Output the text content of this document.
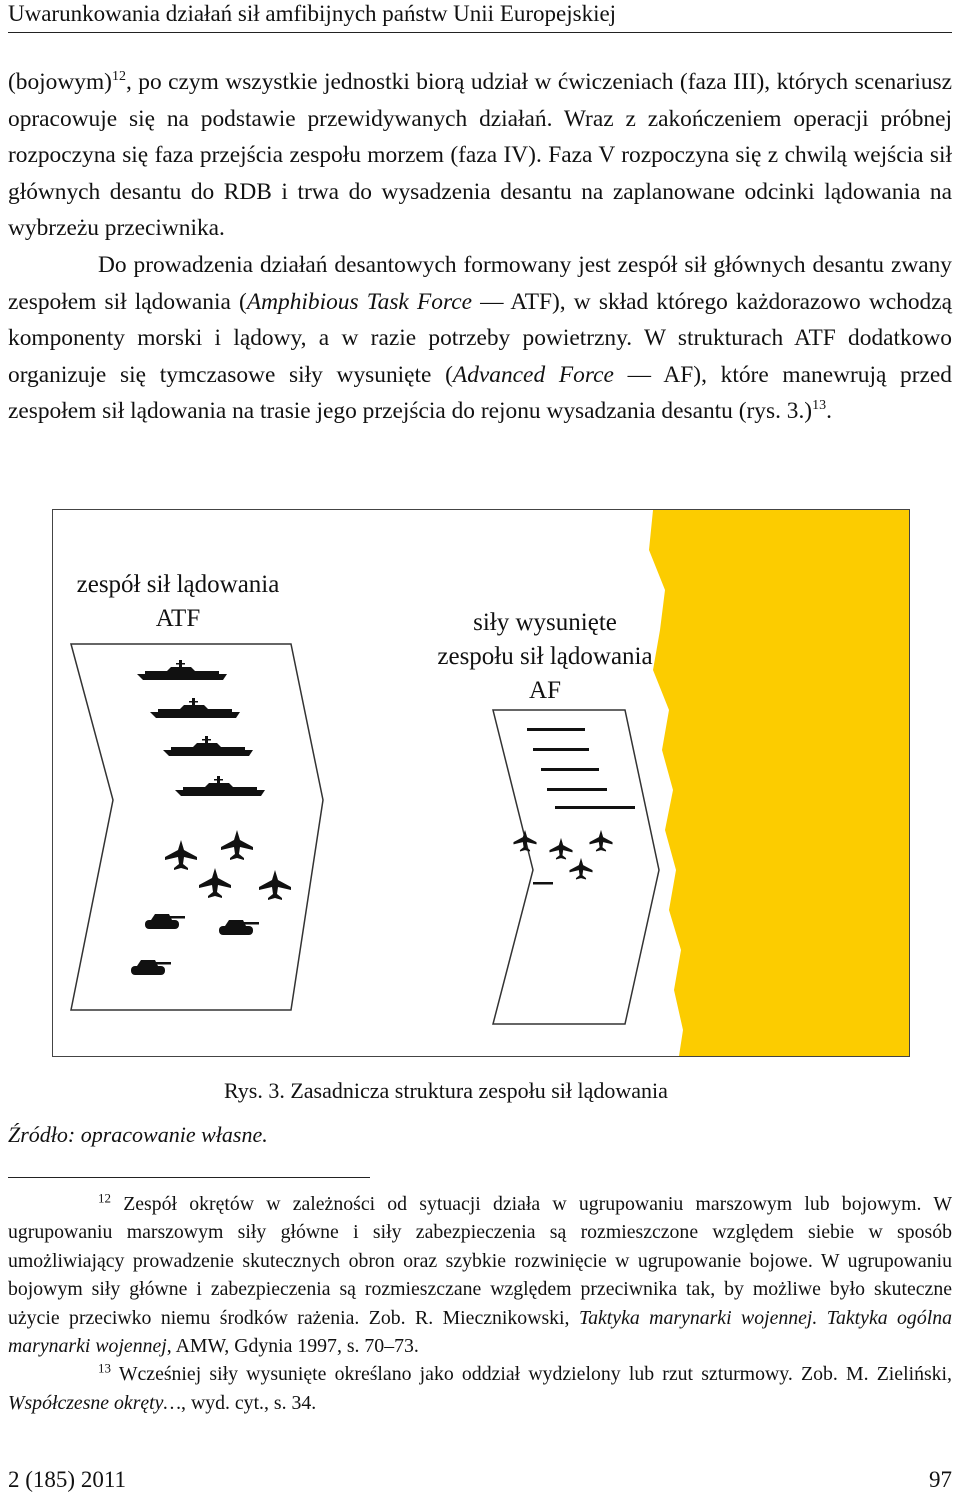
Uwarunkowania działań sił amfibijnych państw Unii Europejskiej

(bojowym)$^{12}$, po czym wszystkie jednostki biorą udział w ćwiczeniach (faza III), których scenariusz opracowuje się na podstawie przewidywanych działań. Wraz z zakończeniem operacji próbnej rozpoczyna się faza przejścia zespołu morzem (faza IV). Faza V rozpoczyna się z chwilą wejścia sił głównych desantu do RDB i trwa do wysadzenia desantu na zaplanowane odcinki lądowania na wybrzeżu przeciwnika.

Do prowadzenia działań desantowych formowany jest zespół sił głównych desantu zwany zespołem sił lądowania (Amphibious Task Force — ATF), w skład którego każdorazowo wchodzą komponenty morski i lądowy, a w razie potrzeby powietrzny. W strukturach ATF dodatkowo organizuje się tymczasowe siły wysunięte (Advanced Force — AF), które manewrują przed zespołem sił lądowania na trasie jego przejścia do rejonu wysadzania desantu (rys. 3.)$^{13}$.

zespół sił lądowania
ATF	siły wysunięte
zespołu sił lądowania
AF
Rys. 3. Zasadnicza struktura zespołu sił lądowania
Źródło: opracowanie własne.

$^{12}$ Zespół okrętów w zależności od sytuacji działa w ugrupowaniu marszowym lub bojowym. W ugrupowaniu marszowym siły główne i siły zabezpieczenia są rozmieszczone względem siebie w sposób umożliwiający prowadzenie skutecznych obron oraz szybkie rozwinięcie w ugrupowanie bojowe. W ugrupowaniu bojowym siły główne i zabezpieczenia są rozmieszczane względem przeciwnika tak, by możliwe było skuteczne użycie przeciwko niemu środków rażenia. Zob. R. Miecznikowski, Taktyka marynarki wojennej. Taktyka ogólna marynarki wojennej, AMW, Gdynia 1997, s. 70–73.

$^{13}$ Wcześniej siły wysunięte określano jako oddział wydzielony lub rzut szturmowy. Zob. M. Zieliński, Współczesne okręty…, wyd. cyt., s. 34.

2 (185) 2011	97
